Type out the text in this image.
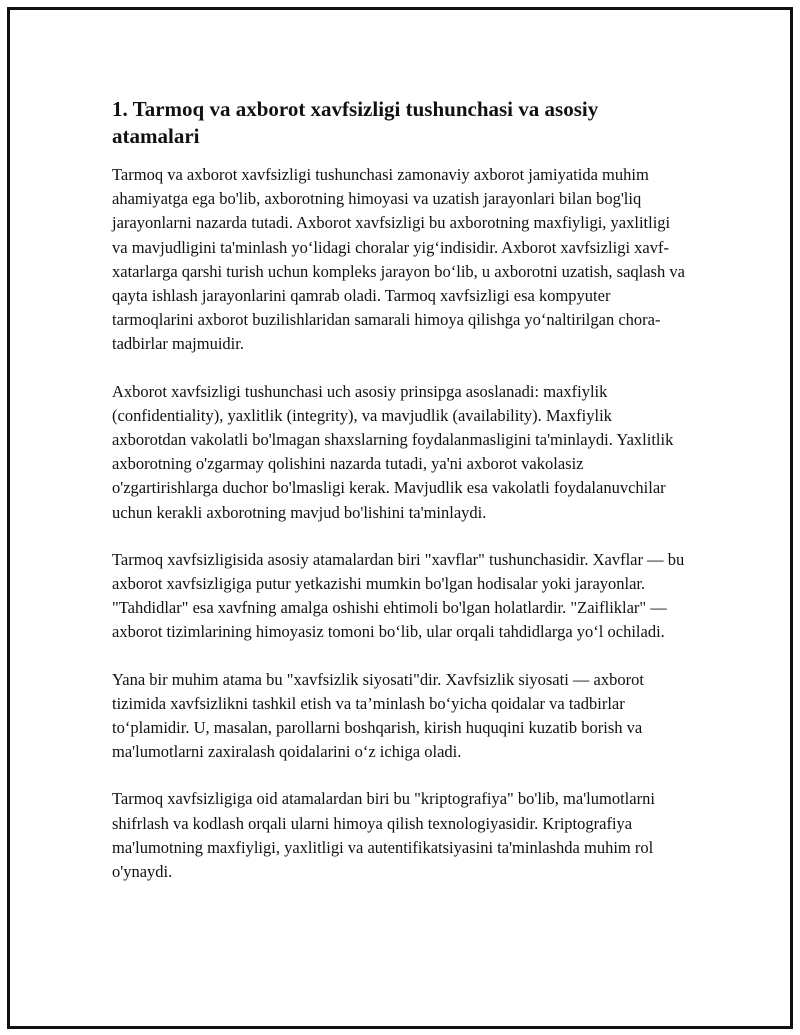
1. Tarmoq va axborot xavfsizligi tushunchasi va asosiy atamalari

Tarmoq va axborot xavfsizligi tushunchasi zamonaviy axborot jamiyatida muhim ahamiyatga ega bo'lib, axborotning himoyasi va uzatish jarayonlari bilan bog'liq jarayonlarni nazarda tutadi. Axborot xavfsizligi bu axborotning maxfiyligi, yaxlitligi va mavjudligini ta'minlash yo‘lidagi choralar yig‘indisidir. Axborot xavfsizligi xavf-xatarlarga qarshi turish uchun kompleks jarayon bo‘lib, u axborotni uzatish, saqlash va qayta ishlash jarayonlarini qamrab oladi. Tarmoq xavfsizligi esa kompyuter tarmoqlarini axborot buzilishlaridan samarali himoya qilishga yo‘naltirilgan chora-tadbirlar majmuidir.

Axborot xavfsizligi tushunchasi uch asosiy prinsipga asoslanadi: maxfiylik (confidentiality), yaxlitlik (integrity), va mavjudlik (availability). Maxfiylik axborotdan vakolatli bo'lmagan shaxslarning foydalanmasligini ta'minlaydi. Yaxlitlik axborotning o'zgarmay qolishini nazarda tutadi, ya'ni axborot vakolasiz o'zgartirishlarga duchor bo'lmasligi kerak. Mavjudlik esa vakolatli foydalanuvchilar uchun kerakli axborotning mavjud bo'lishini ta'minlaydi.

Tarmoq xavfsizligisida asosiy atamalardan biri "xavflar" tushunchasidir. Xavflar — bu axborot xavfsizligiga putur yetkazishi mumkin bo'lgan hodisalar yoki jarayonlar. "Tahdidlar" esa xavfning amalga oshishi ehtimoli bo'lgan holatlardir. "Zaifliklar" — axborot tizimlarining himoyasiz tomoni bo‘lib, ular orqali tahdidlarga yo‘l ochiladi.

Yana bir muhim atama bu "xavfsizlik siyosati"dir. Xavfsizlik siyosati — axborot tizimida xavfsizlikni tashkil etish va ta’minlash bo‘yicha qoidalar va tadbirlar to‘plamidir. U, masalan, parollarni boshqarish, kirish huquqini kuzatib borish va ma'lumotlarni zaxiralash qoidalarini o‘z ichiga oladi.

Tarmoq xavfsizligiga oid atamalardan biri bu "kriptografiya" bo'lib, ma'lumotlarni shifrlash va kodlash orqali ularni himoya qilish texnologiyasidir. Kriptografiya ma'lumotning maxfiyligi, yaxlitligi va autentifikatsiyasini ta'minlashda muhim rol o'ynaydi.
